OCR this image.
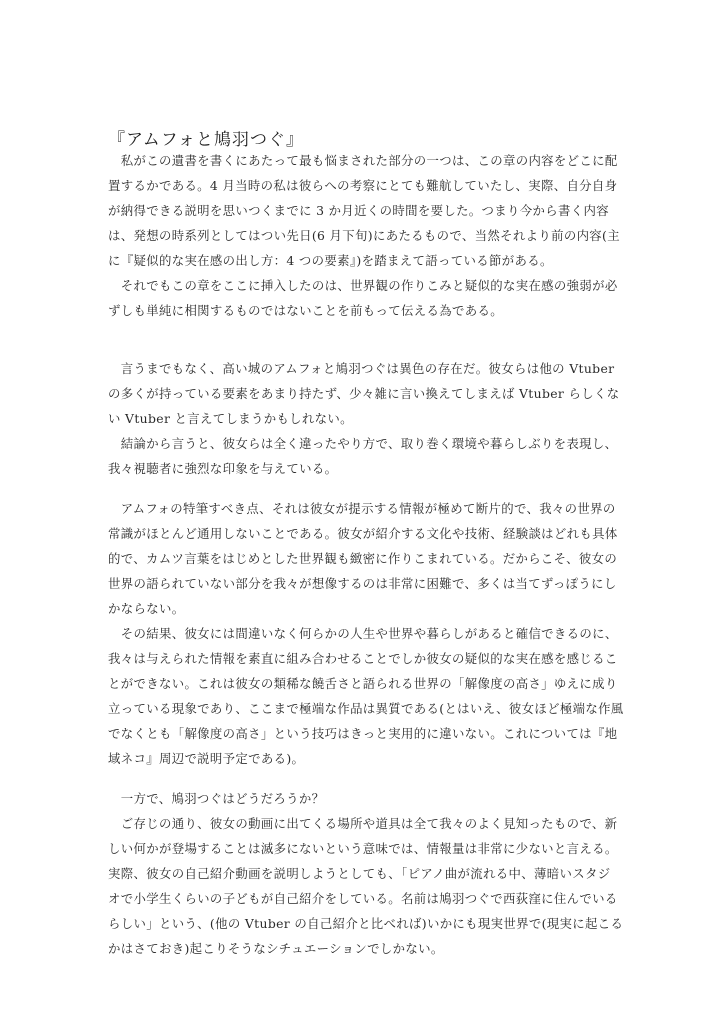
『アムフォと鳩羽つぐ』
　私がこの遺書を書くにあたって最も悩まされた部分の一つは、この章の内容をどこに配
置するかである。4 月当時の私は彼らへの考察にとても難航していたし、実際、自分自身
が納得できる説明を思いつくまでに 3 か月近くの時間を要した。つまり今から書く内容
は、発想の時系列としてはつい先日(6 月下旬)にあたるもので、当然それより前の内容(主
に『疑似的な実在感の出し方：4 つの要素』)を踏まえて語っている節がある。
　それでもこの章をここに挿入したのは、世界観の作りこみと疑似的な実在感の強弱が必
ずしも単純に相関するものではないことを前もって伝える為である。
　言うまでもなく、高い城のアムフォと鳩羽つぐは異色の存在だ。彼女らは他の Vtuber
の多くが持っている要素をあまり持たず、少々雑に言い換えてしまえば Vtuber らしくな
い Vtuber と言えてしまうかもしれない。
　結論から言うと、彼女らは全く違ったやり方で、取り巻く環境や暮らしぶりを表現し、
我々視聴者に強烈な印象を与えている。
　アムフォの特筆すべき点、それは彼女が提示する情報が極めて断片的で、我々の世界の
常識がほとんど通用しないことである。彼女が紹介する文化や技術、経験談はどれも具体
的で、カムツ言葉をはじめとした世界観も緻密に作りこまれている。だからこそ、彼女の
世界の語られていない部分を我々が想像するのは非常に困難で、多くは当てずっぽうにし
かならない。
　その結果、彼女には間違いなく何らかの人生や世界や暮らしがあると確信できるのに、
我々は与えられた情報を素直に組み合わせることでしか彼女の疑似的な実在感を感じるこ
とができない。これは彼女の類稀な饒舌さと語られる世界の「解像度の高さ」ゆえに成り
立っている現象であり、ここまで極端な作品は異質である(とはいえ、彼女ほど極端な作風
でなくとも「解像度の高さ」という技巧はきっと実用的に違いない。これについては『地
域ネコ』周辺で説明予定である)。
　一方で、鳩羽つぐはどうだろうか？
　ご存じの通り、彼女の動画に出てくる場所や道具は全て我々のよく見知ったもので、新
しい何かが登場することは滅多にないという意味では、情報量は非常に少ないと言える。
実際、彼女の自己紹介動画を説明しようとしても、「ピアノ曲が流れる中、薄暗いスタジ
オで小学生くらいの子どもが自己紹介をしている。名前は鳩羽つぐで西荻窪に住んでいる
らしい」という、(他の Vtuber の自己紹介と比べれば)いかにも現実世界で(現実に起こる
かはさておき)起こりそうなシチュエーションでしかない。
